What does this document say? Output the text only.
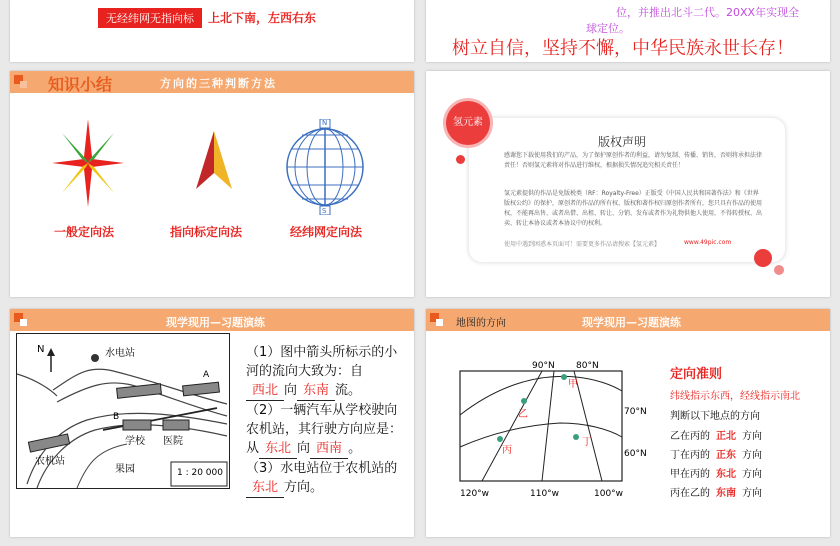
无经纬网无指向标	上北下南，左西右东	位，并推出北斗二代。20XX年实现全
球定位。
树立自信，坚持不懈，中华民族永世长存！
知识小结	方向的三种判断方法
N
S
一般定向法	指向标定向法	经纬网定向法
氢元素
版权声明
感谢您下载使用我们的产品，为了保护原创作者的利益，请勿复制、传播、销售，否则将承担法律责任！否则氢元素将对作品进行维权，根据损失情况追究相关责任！
氢元素提供的作品是免版税类（RF：Royalty-Free）正版受《中国人民共和国著作法》和《世界版权公约》的保护，原创者的作品的所有权、版权和著作权归原创作者所有，您只具有作品的使用权，不能再出售、或者出借、出租、转让、分销、发布或者作为礼物供他人使用，不得转授权、出卖、转让本协议或者本协议中的权利。
使用中遇到困惑本页面可！需要更多作品请搜索【氢元素】	www.49pic.com
现学现用—习题演练
N	水电站
A
B
学校 医院
农机站
果园	1 : 20 000
（1）图中箭头所标示的小
河的流向大致为：自
西北 向 东南 流。
（2）一辆汽车从学校驶向
农机站，其行驶方向应是：
从 东北 向 西南 。
（3）水电站位于农机站的
东北 方向。
地图的方向	现学现用—习题演练
90°N 80°N
70°N
60°N
120°w	110°w	100°w
甲
乙
丙
丁
定向准则
纬线指示东西，经线指示南北
判断以下地点的方向
乙在丙的 正北 方向
丁在丙的 正东 方向
甲在丙的 东北 方向
丙在乙的 东南 方向
